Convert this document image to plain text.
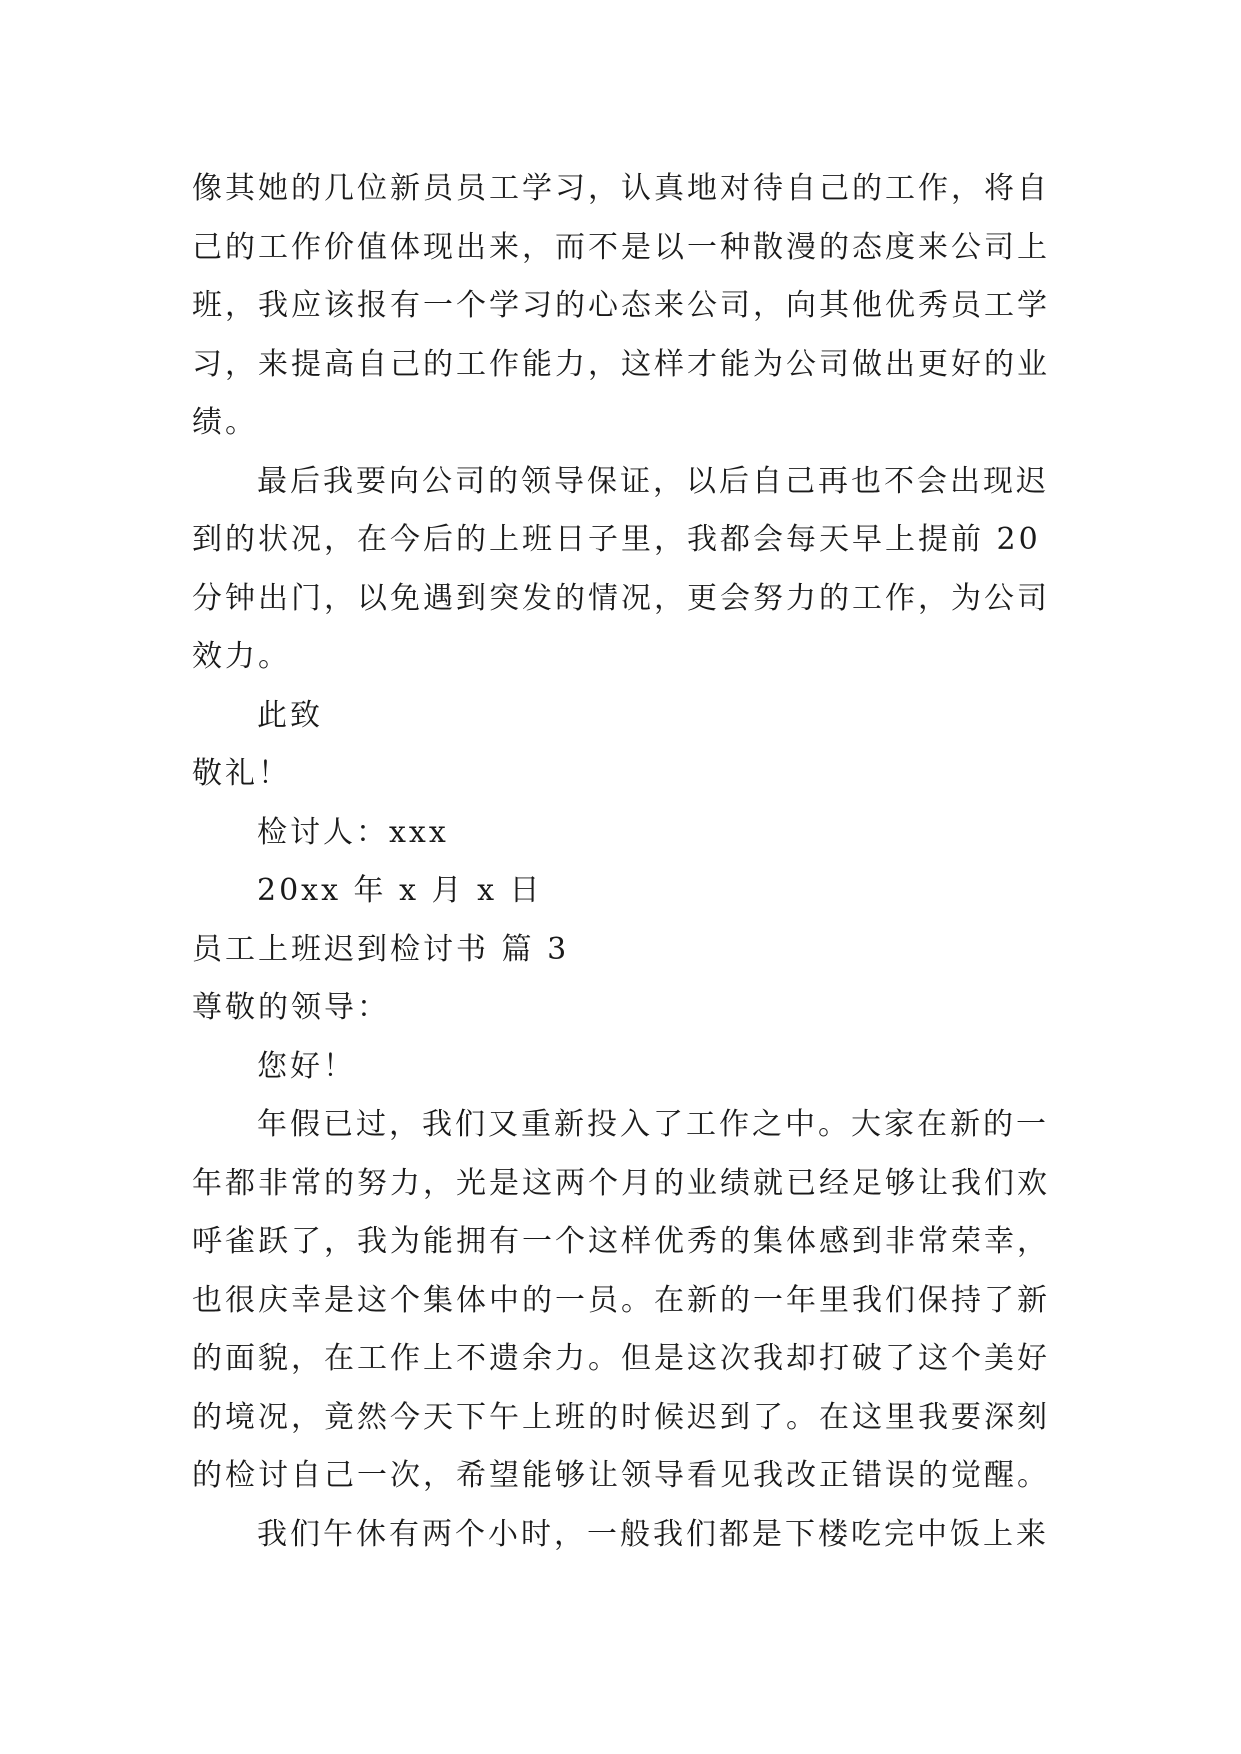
像其她的几位新员员工学习，认真地对待自己的工作，将自
己的工作价值体现出来，而不是以一种散漫的态度来公司上
班，我应该报有一个学习的心态来公司，向其他优秀员工学
习，来提高自己的工作能力，这样才能为公司做出更好的业
绩。
最后我要向公司的领导保证，以后自己再也不会出现迟
到的状况，在今后的上班日子里，我都会每天早上提前 20
分钟出门，以免遇到突发的情况，更会努力的工作，为公司
效力。
此致
敬礼！
检讨人：xxx
20xx 年 x 月 x 日
员工上班迟到检讨书 篇 3
尊敬的领导：
您好！
年假已过，我们又重新投入了工作之中。大家在新的一
年都非常的努力，光是这两个月的业绩就已经足够让我们欢
呼雀跃了，我为能拥有一个这样优秀的集体感到非常荣幸，
也很庆幸是这个集体中的一员。在新的一年里我们保持了新
的面貌，在工作上不遗余力。但是这次我却打破了这个美好
的境况，竟然今天下午上班的时候迟到了。在这里我要深刻
的检讨自己一次，希望能够让领导看见我改正错误的觉醒。
我们午休有两个小时，一般我们都是下楼吃完中饭上来
